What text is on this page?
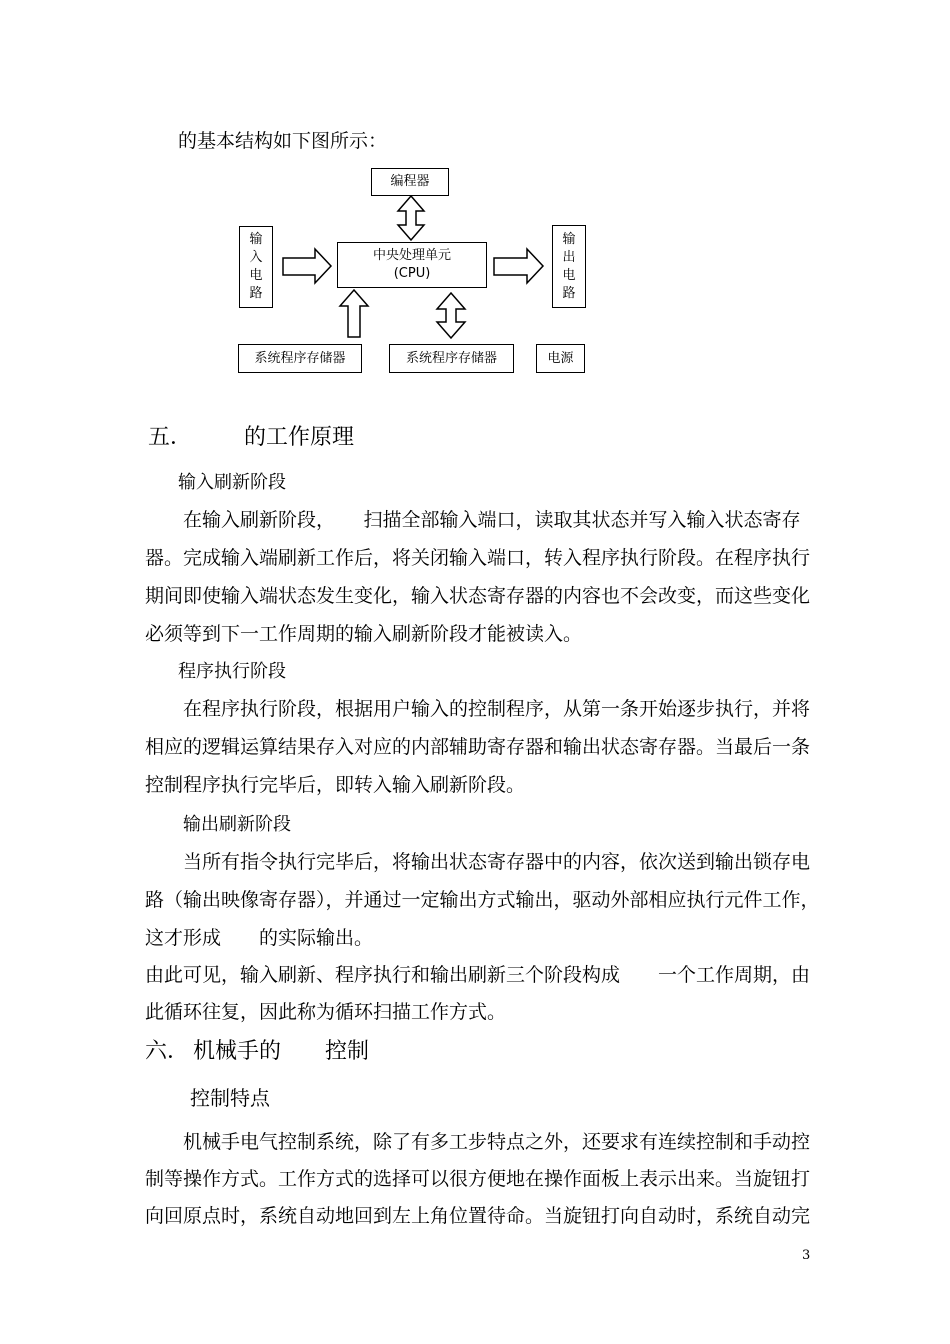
的基本结构如下图所示：
编程器
输
入
电
路
中央处理单元
(CPU)
输
出
电
路
系统程序存储器	系统程序存储器	电源
五． 的工作原理
输入刷新阶段
在输入刷新阶段，　　扫描全部输入端口，读取其状态并写入输入状态寄存
器。完成输入端刷新工作后，将关闭输入端口，转入程序执行阶段。在程序执行
期间即使输入端状态发生变化，输入状态寄存器的内容也不会改变，而这些变化
必须等到下一工作周期的输入刷新阶段才能被读入。
程序执行阶段
在程序执行阶段，根据用户输入的控制程序，从第一条开始逐步执行，并将
相应的逻辑运算结果存入对应的内部辅助寄存器和输出状态寄存器。当最后一条
控制程序执行完毕后，即转入输入刷新阶段。
输出刷新阶段
当所有指令执行完毕后，将输出状态寄存器中的内容，依次送到输出锁存电
路（输出映像寄存器），并通过一定输出方式输出，驱动外部相应执行元件工作，
这才形成　　的实际输出。
由此可见，输入刷新、程序执行和输出刷新三个阶段构成　　一个工作周期，由
此循环往复，因此称为循环扫描工作方式。
六． 机械手的　　控制
控制特点
机械手电气控制系统，除了有多工步特点之外，还要求有连续控制和手动控
制等操作方式。工作方式的选择可以很方便地在操作面板上表示出来。当旋钮打
向回原点时，系统自动地回到左上角位置待命。当旋钮打向自动时，系统自动完
3
